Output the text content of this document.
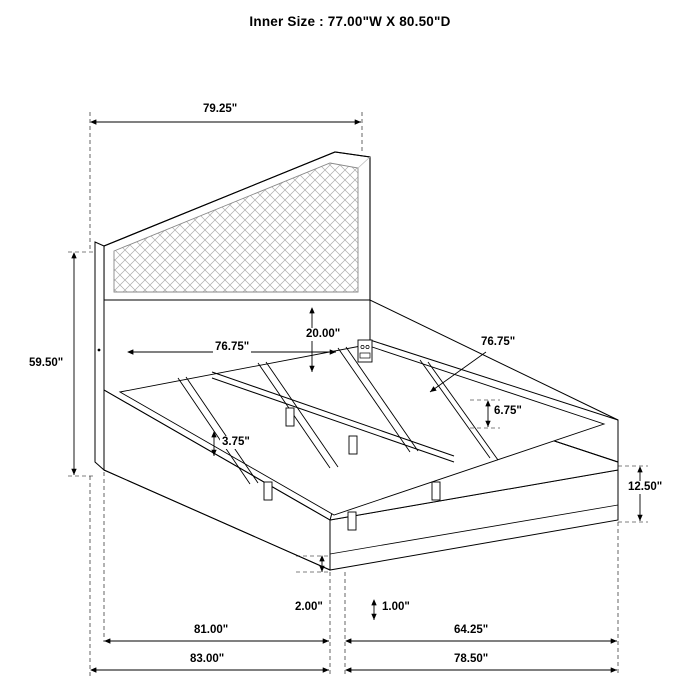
Inner Size : 77.00"W X 80.50"D
79.25"
59.50"
76.75"
20.00"
76.75"
6.75"
3.75"
12.50"
2.00"	1.00"
81.00"	64.25"
83.00"	78.50"
